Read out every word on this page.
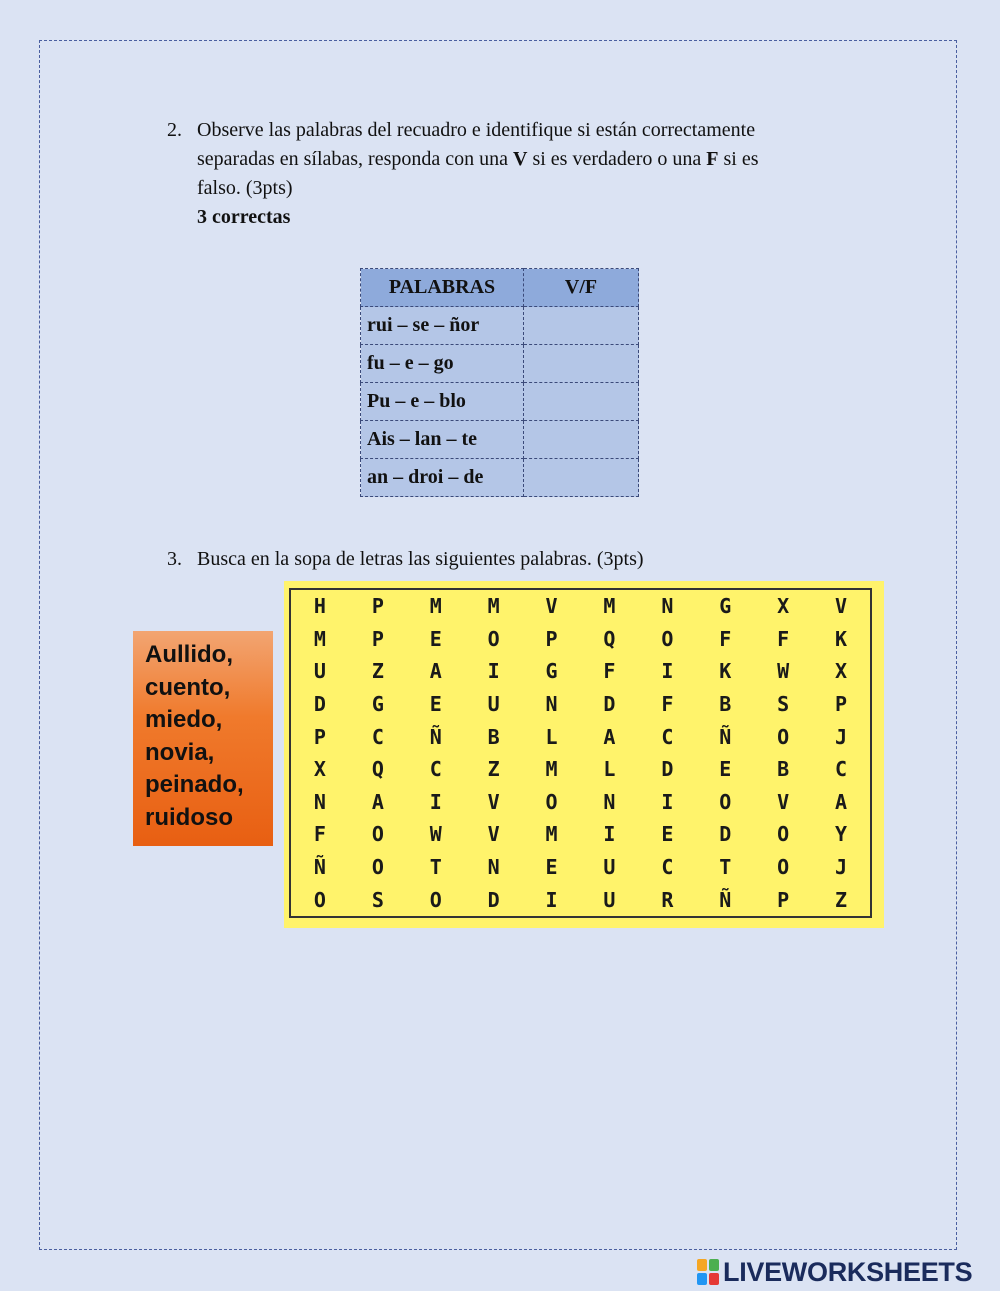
2. Observe las palabras del recuadro e identifique si están correctamente
separadas en sílabas, responda con una V si es verdadero o una F si es
falso. (3pts)
3 correctas
PALABRAS	V/F
rui – se – ñor	
fu – e – go	
Pu – e – blo	
Ais – lan – te	
an – droi – de	
3. Busca en la sopa de letras las siguientes palabras. (3pts)
Aullido,
cuento,
miedo,
novia,
peinado,
ruidoso
H	P	M	M	V	M	N	G	X	V
M	P	E	O	P	Q	O	F	F	K
U	Z	A	I	G	F	I	K	W	X
D	G	E	U	N	D	F	B	S	P
P	C	Ñ	B	L	A	C	Ñ	O	J
X	Q	C	Z	M	L	D	E	B	C
N	A	I	V	O	N	I	O	V	A
F	O	W	V	M	I	E	D	O	Y
Ñ	O	T	N	E	U	C	T	O	J
O	S	O	D	I	U	R	Ñ	P	Z
LIVEWORKSHEETS
